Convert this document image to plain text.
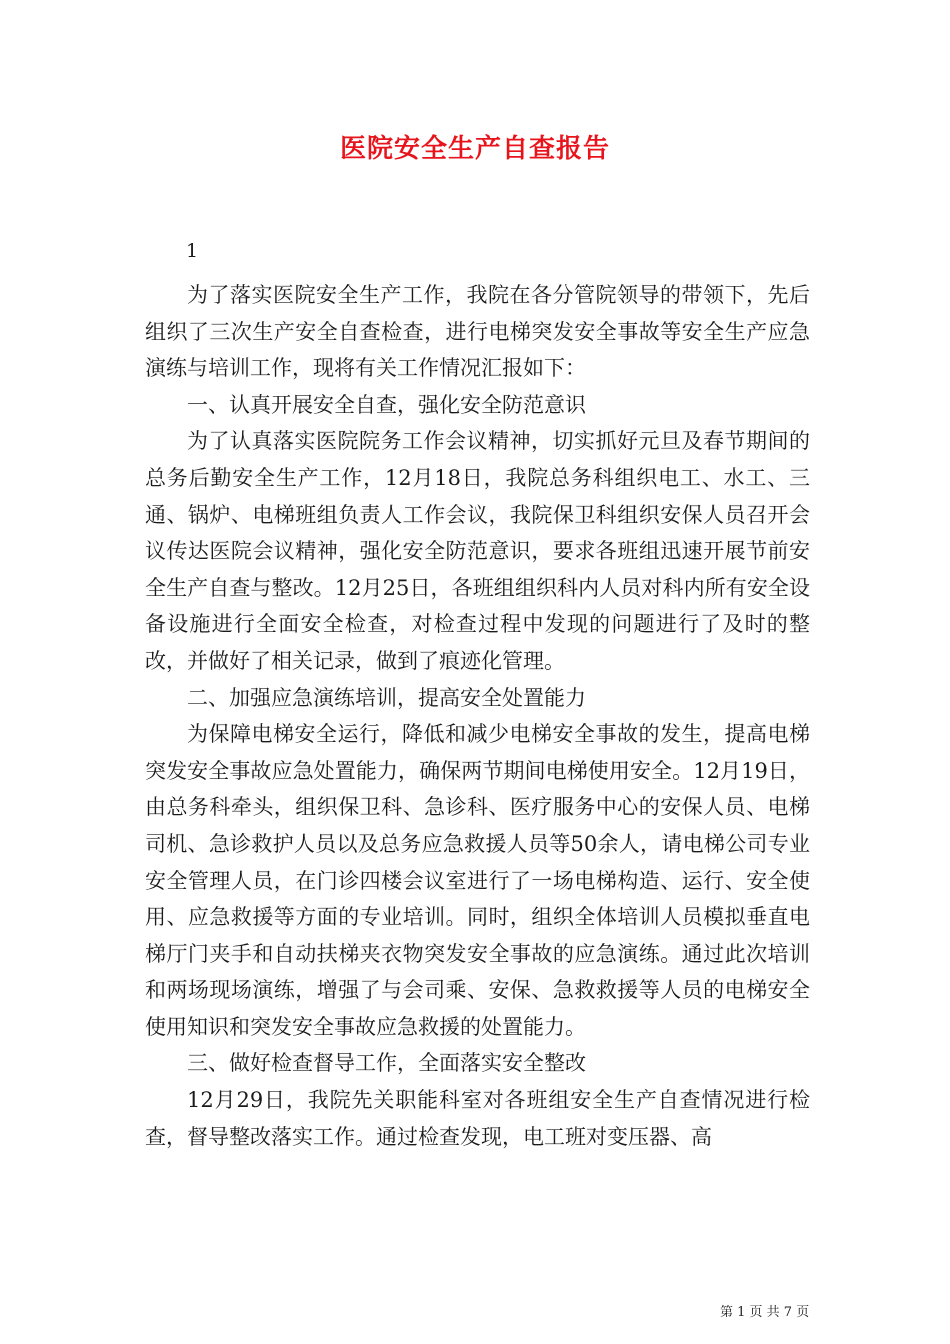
医院安全生产自查报告
1

为了落实医院安全生产工作，我院在各分管院领导的带领下，先后组织了三次生产安全自查检查，进行电梯突发安全事故等安全生产应急演练与培训工作，现将有关工作情况汇报如下：

一、认真开展安全自查，强化安全防范意识

为了认真落实医院院务工作会议精神，切实抓好元旦及春节期间的总务后勤安全生产工作，12月18日，我院总务科组织电工、水工、三通、锅炉、电梯班组负责人工作会议，我院保卫科组织安保人员召开会议传达医院会议精神，强化安全防范意识，要求各班组迅速开展节前安全生产自查与整改。12月25日，各班组组织科内人员对科内所有安全设备设施进行全面安全检查，对检查过程中发现的问题进行了及时的整改，并做好了相关记录，做到了痕迹化管理。

二、加强应急演练培训，提高安全处置能力

为保障电梯安全运行，降低和减少电梯安全事故的发生，提高电梯突发安全事故应急处置能力，确保两节期间电梯使用安全。12月19日，由总务科牵头，组织保卫科、急诊科、医疗服务中心的安保人员、电梯司机、急诊救护人员以及总务应急救援人员等50余人，请电梯公司专业安全管理人员，在门诊四楼会议室进行了一场电梯构造、运行、安全使用、应急救援等方面的专业培训。同时，组织全体培训人员模拟垂直电梯厅门夹手和自动扶梯夹衣物突发安全事故的应急演练。通过此次培训和两场现场演练，增强了与会司乘、安保、急救救援等人员的电梯安全使用知识和突发安全事故应急救援的处置能力。

三、做好检查督导工作，全面落实安全整改

12月29日，我院先关职能科室对各班组安全生产自查情况进行检查，督导整改落实工作。通过检查发现，电工班对变压器、高

第 1 页 共 7 页
